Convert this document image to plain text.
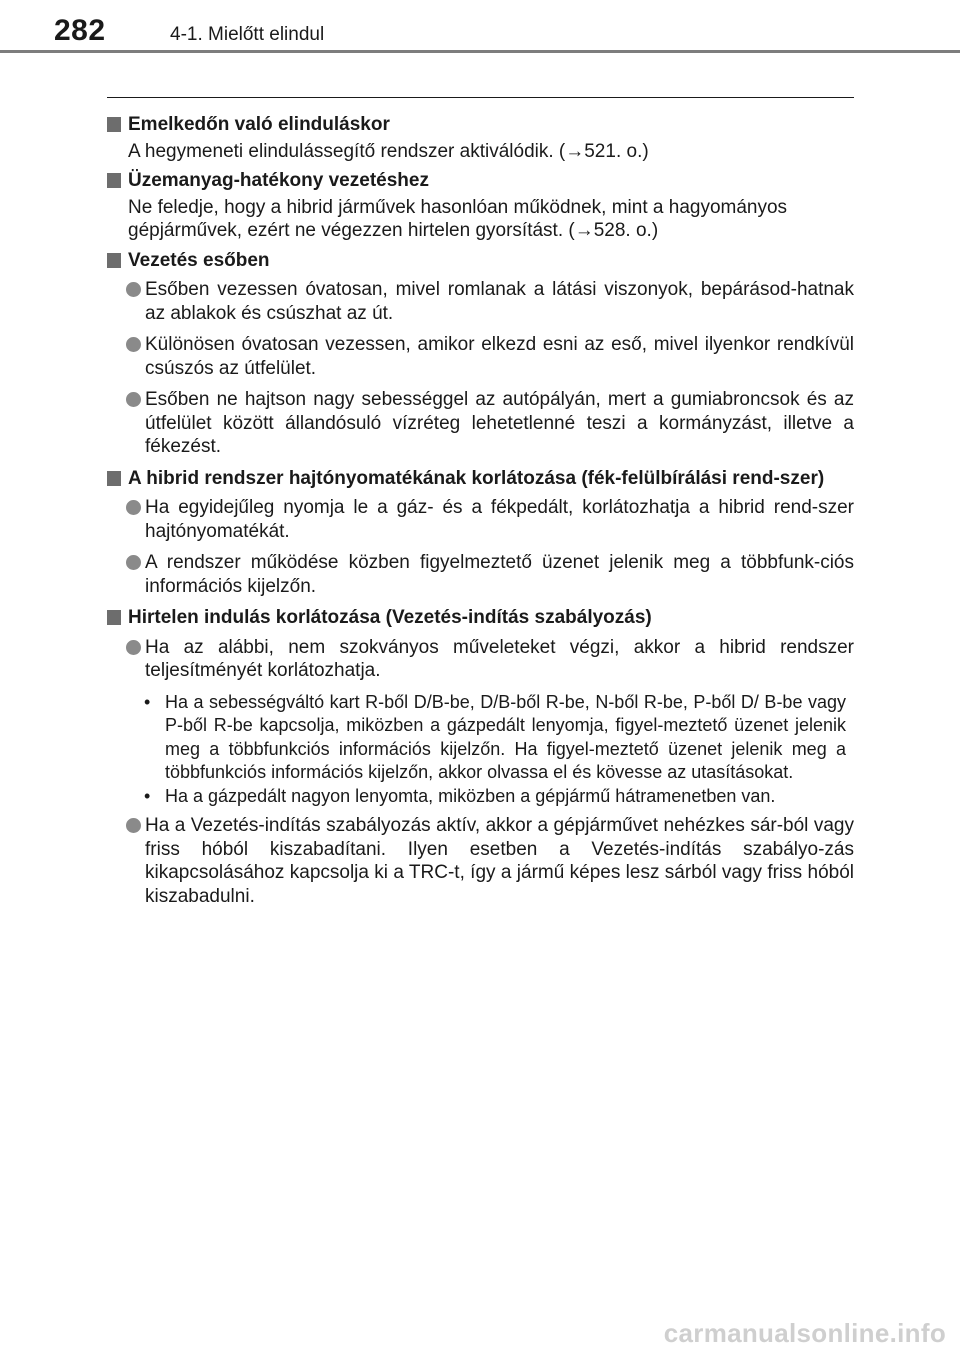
282	4-1. Mielőtt elindul
Emelkedőn való elinduláskor
A hegymeneti elindulássegítő rendszer aktiválódik. (→521. o.)
Üzemanyag-hatékony vezetéshez
Ne feledje, hogy a hibrid járművek hasonlóan működnek, mint a hagyományos gépjárművek, ezért ne végezzen hirtelen gyorsítást. (→528. o.)
Vezetés esőben
Esőben vezessen óvatosan, mivel romlanak a látási viszonyok, bepárásod-hatnak az ablakok és csúszhat az út.
Különösen óvatosan vezessen, amikor elkezd esni az eső, mivel ilyenkor rendkívül csúszós az útfelület.
Esőben ne hajtson nagy sebességgel az autópályán, mert a gumiabroncsok és az útfelület között állandósuló vízréteg lehetetlenné teszi a kormányzást, illetve a fékezést.
A hibrid rendszer hajtónyomatékának korlátozása (fék-felülbírálási rend-szer)
Ha egyidejűleg nyomja le a gáz- és a fékpedált, korlátozhatja a hibrid rend-szer hajtónyomatékát.
A rendszer működése közben figyelmeztető üzenet jelenik meg a többfunk-ciós információs kijelzőn.
Hirtelen indulás korlátozása (Vezetés-indítás szabályozás)
Ha az alábbi, nem szokványos műveleteket végzi, akkor a hibrid rendszer teljesítményét korlátozhatja.
• Ha a sebességváltó kart R-ből D/B-be, D/B-ből R-be, N-ből R-be, P-ből D/ B-be vagy P-ből R-be kapcsolja, miközben a gázpedált lenyomja, figyel-meztető üzenet jelenik meg a többfunkciós információs kijelzőn. Ha figyel-meztető üzenet jelenik meg a többfunkciós információs kijelzőn, akkor olvassa el és kövesse az utasításokat.
• Ha a gázpedált nagyon lenyomta, miközben a gépjármű hátramenetben van.
Ha a Vezetés-indítás szabályozás aktív, akkor a gépjárművet nehézkes sár-ból vagy friss hóból kiszabadítani. Ilyen esetben a Vezetés-indítás szabályo-zás kikapcsolásához kapcsolja ki a TRC-t, így a jármű képes lesz sárból vagy friss hóból kiszabadulni.
carmanualsonline.info
